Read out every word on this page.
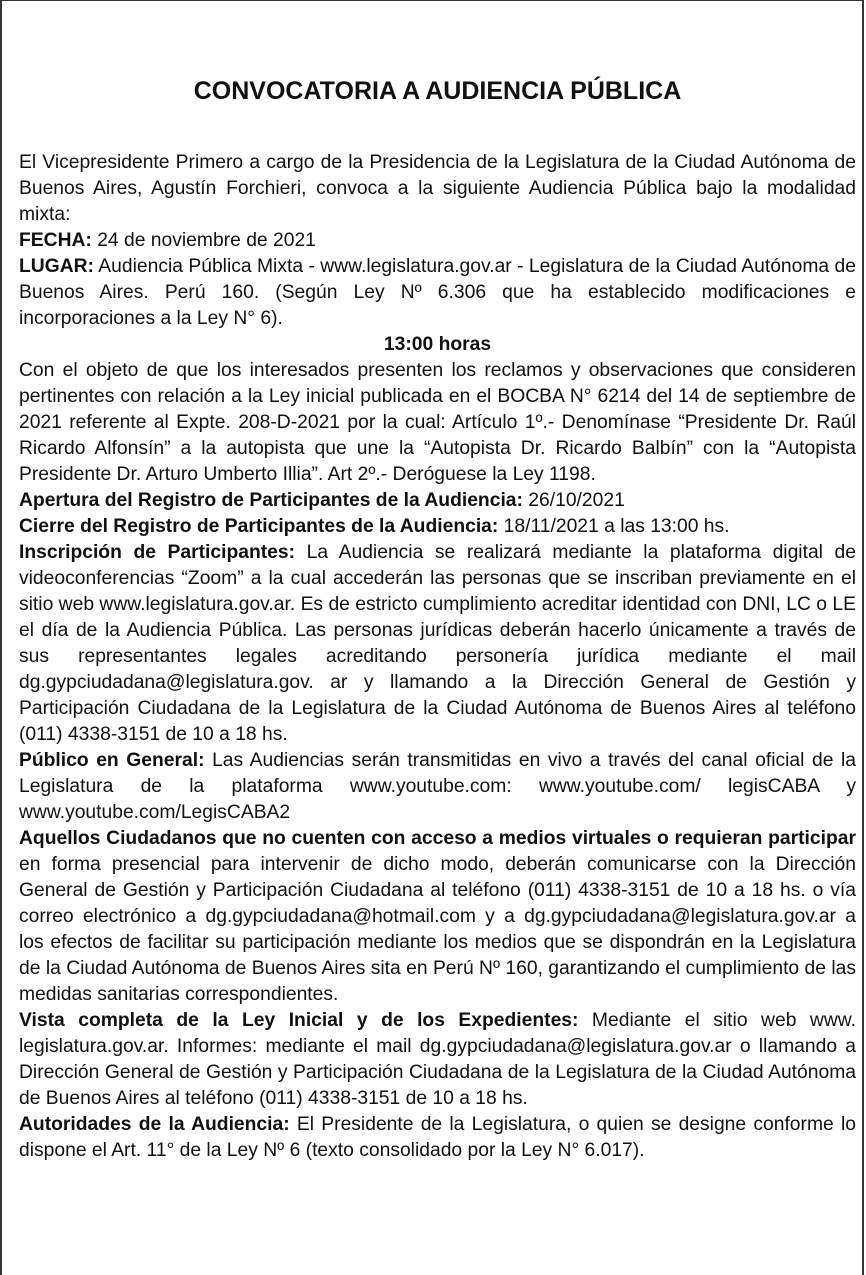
CONVOCATORIA A AUDIENCIA PÚBLICA

El Vicepresidente Primero a cargo de la Presidencia de la Legislatura de la Ciudad Autónoma de Buenos Aires, Agustín Forchieri, convoca a la siguiente Audiencia Pública bajo la modalidad mixta:

FECHA: 24 de noviembre de 2021

LUGAR: Audiencia Pública Mixta - www.legislatura.gov.ar - Legislatura de la Ciudad Autónoma de Buenos Aires. Perú 160. (Según Ley Nº 6.306 que ha establecido modificaciones e incorporaciones a la Ley N° 6).

13:00 horas

Con el objeto de que los interesados presenten los reclamos y observaciones que consideren pertinentes con relación a la Ley inicial publicada en el BOCBA N° 6214 del 14 de septiembre de 2021 referente al Expte. 208-D-2021 por la cual: Artículo 1º.- Denomínase “Presidente Dr. Raúl Ricardo Alfonsín” a la autopista que une la “Autopista Dr. Ricardo Balbín” con la “Autopista Presidente Dr. Arturo Umberto Illia”. Art 2º.- Deróguese la Ley 1198.

Apertura del Registro de Participantes de la Audiencia: 26/10/2021

Cierre del Registro de Participantes de la Audiencia: 18/11/2021 a las 13:00 hs.

Inscripción de Participantes: La Audiencia se realizará mediante la plataforma digital de videoconferencias “Zoom” a la cual accederán las personas que se inscriban previamente en el sitio web www.legislatura.gov.ar. Es de estricto cumplimiento acreditar identidad con DNI, LC o LE el día de la Audiencia Pública. Las personas jurídicas deberán hacerlo únicamente a través de sus representantes legales acreditando personería jurídica mediante el mail dg.gypciudadana@legislatura.gov. ar y llamando a la Dirección General de Gestión y Participación Ciudadana de la Legislatura de la Ciudad Autónoma de Buenos Aires al teléfono (011) 4338-3151 de 10 a 18 hs.

Público en General: Las Audiencias serán transmitidas en vivo a través del canal oficial de la Legislatura de la plataforma www.youtube.com: www.youtube.com/ legisCABA y www.youtube.com/LegisCABA2

Aquellos Ciudadanos que no cuenten con acceso a medios virtuales o requieran participar en forma presencial para intervenir de dicho modo, deberán comunicarse con la Dirección General de Gestión y Participación Ciudadana al teléfono (011) 4338-3151 de 10 a 18 hs. o vía correo electrónico a dg.gypciudadana@hotmail.com y a dg.gypciudadana@legislatura.gov.ar a los efectos de facilitar su participación mediante los medios que se dispondrán en la Legislatura de la Ciudad Autónoma de Buenos Aires sita en Perú Nº 160, garantizando el cumplimiento de las medidas sanitarias correspondientes.

Vista completa de la Ley Inicial y de los Expedientes: Mediante el sitio web www. legislatura.gov.ar. Informes: mediante el mail dg.gypciudadana@legislatura.gov.ar o llamando a Dirección General de Gestión y Participación Ciudadana de la Legislatura de la Ciudad Autónoma de Buenos Aires al teléfono (011) 4338-3151 de 10 a 18 hs.

Autoridades de la Audiencia: El Presidente de la Legislatura, o quien se designe conforme lo dispone el Art. 11° de la Ley Nº 6 (texto consolidado por la Ley N° 6.017).
